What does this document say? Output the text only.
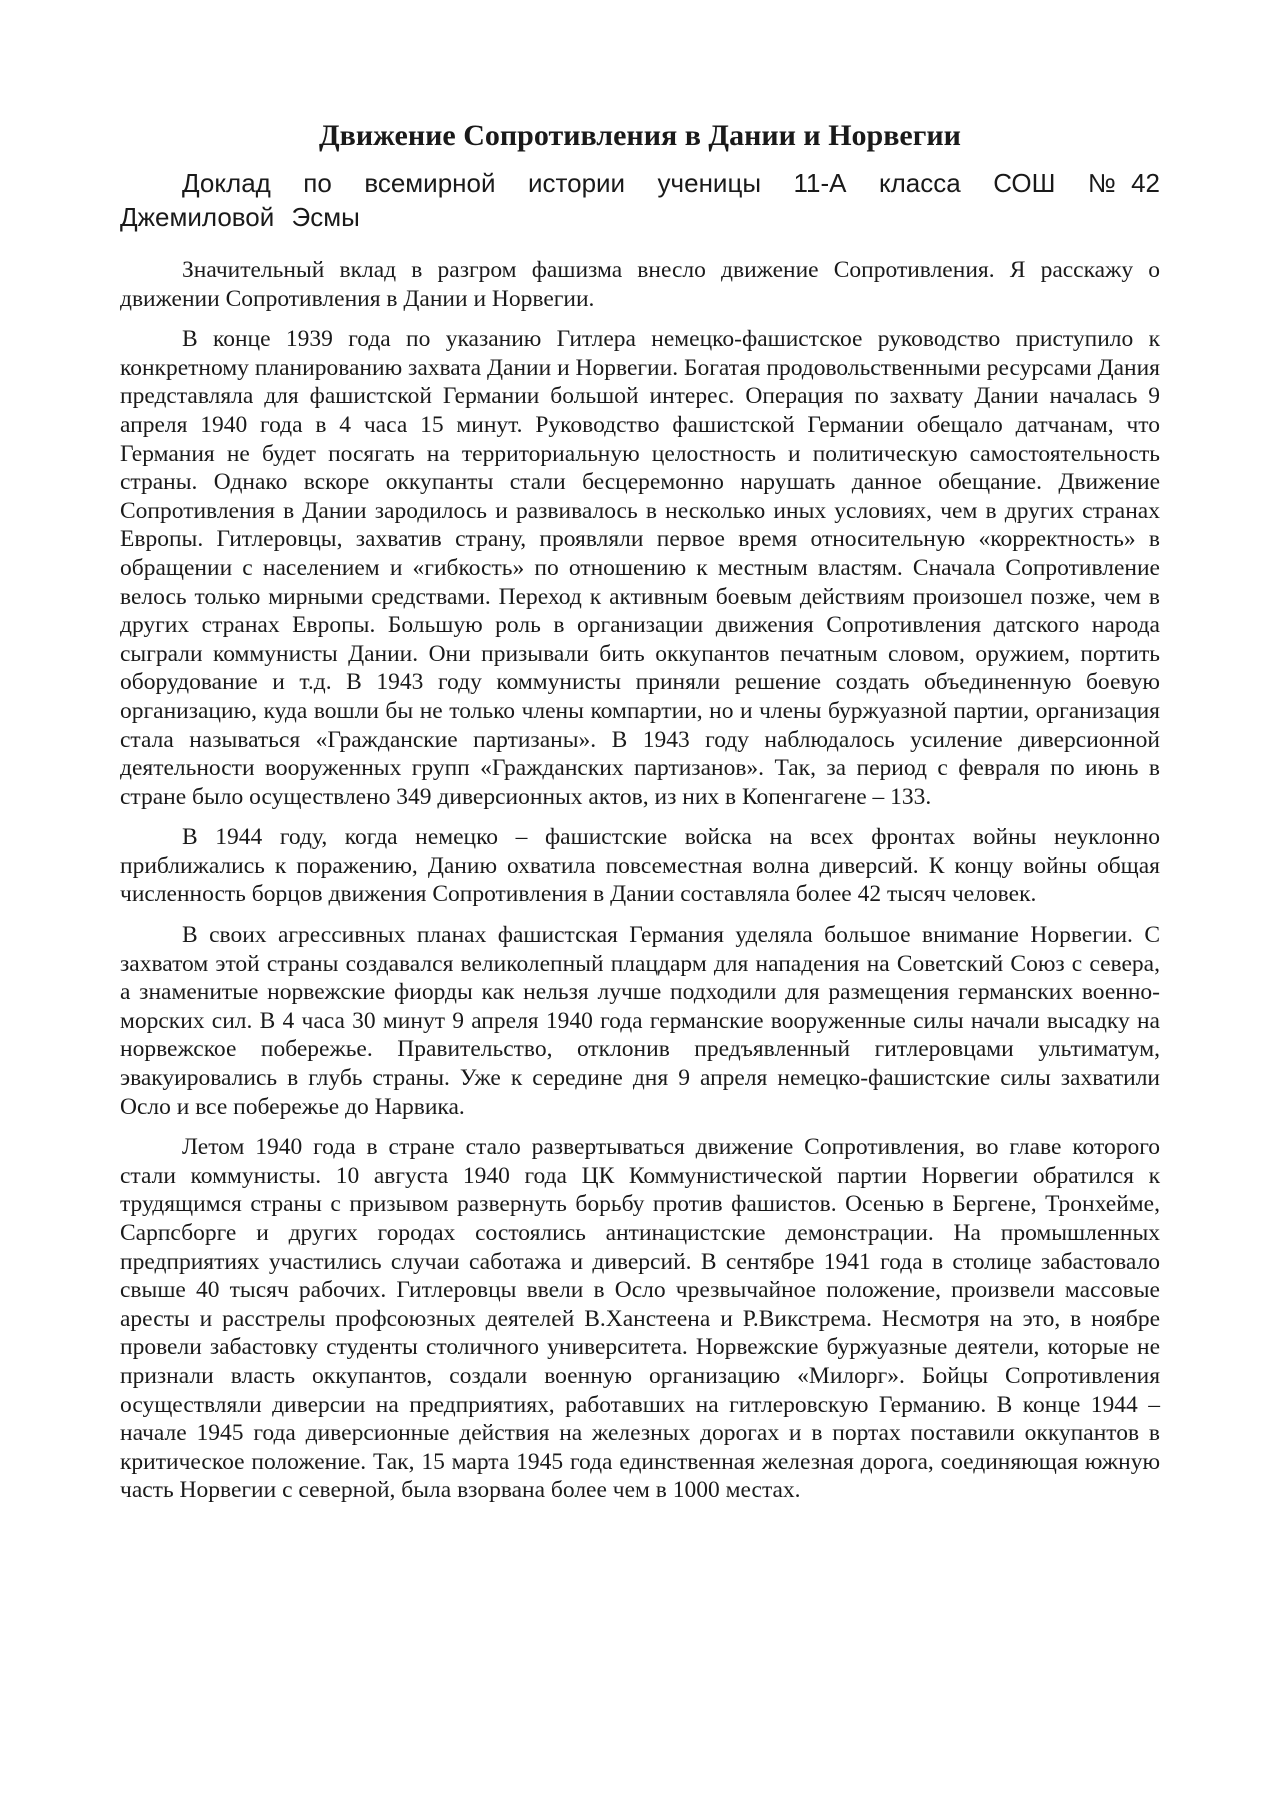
Движение Сопротивления в Дании и Норвегии

Доклад по всемирной истории ученицы 11-А класса СОШ №42 Джемиловой Эсмы

Значительный вклад в разгром фашизма внесло движение Сопротивления. Я расскажу о движении Сопротивления в Дании и Норвегии.

В конце 1939 года по указанию Гитлера немецко-фашистское руководство приступило к конкретному планированию захвата Дании и Норвегии. Богатая продовольственными ресурсами Дания представляла для фашистской Германии большой интерес. Операция по захвату Дании началась 9 апреля 1940 года в 4 часа 15 минут. Руководство фашистской Германии обещало датчанам, что Германия не будет посягать на территориальную целостность и политическую самостоятельность страны. Однако вскоре оккупанты стали бесцеремонно нарушать данное обещание. Движение Сопротивления в Дании зародилось и развивалось в несколько иных условиях, чем в других странах Европы. Гитлеровцы, захватив страну, проявляли первое время относительную «корректность» в обращении с населением и «гибкость» по отношению к местным властям. Сначала Сопротивление велось только мирными средствами. Переход к активным боевым действиям произошел позже, чем в других странах Европы. Большую роль в организации движения Сопротивления датского народа сыграли коммунисты Дании. Они призывали бить оккупантов печатным словом, оружием, портить оборудование и т.д. В 1943 году коммунисты приняли решение создать объединенную боевую организацию, куда вошли бы не только члены компартии, но и члены буржуазной партии, организация стала называться «Гражданские партизаны». В 1943 году наблюдалось усиление диверсионной деятельности вооруженных групп «Гражданских партизанов». Так, за период с февраля по июнь в стране было осуществлено 349 диверсионных актов, из них в Копенгагене – 133.

В 1944 году, когда немецко – фашистские войска на всех фронтах войны неуклонно приближались к поражению, Данию охватила повсеместная волна диверсий. К концу войны общая численность борцов движения Сопротивления в Дании составляла более 42 тысяч человек.

В своих агрессивных планах фашистская Германия уделяла большое внимание Норвегии. С захватом этой страны создавался великолепный плацдарм для нападения на Советский Союз с севера, а знаменитые норвежские фиорды как нельзя лучше подходили для размещения германских военно-морских сил. В 4 часа 30 минут 9 апреля 1940 года германские вооруженные силы начали высадку на норвежское побережье. Правительство, отклонив предъявленный гитлеровцами ультиматум, эвакуировались в глубь страны. Уже к середине дня 9 апреля немецко-фашистские силы захватили Осло и все побережье до Нарвика.

Летом 1940 года в стране стало развертываться движение Сопротивления, во главе которого стали коммунисты. 10 августа 1940 года ЦК Коммунистической партии Норвегии обратился к трудящимся страны с призывом развернуть борьбу против фашистов. Осенью в Бергене, Тронхейме, Сарпсборге и других городах состоялись антинацистские демонстрации. На промышленных предприятиях участились случаи саботажа и диверсий. В сентябре 1941 года в столице забастовало свыше 40 тысяч рабочих. Гитлеровцы ввели в Осло чрезвычайное положение, произвели массовые аресты и расстрелы профсоюзных деятелей В.Ханстеена и Р.Викстрема. Несмотря на это, в ноябре провели забастовку студенты столичного университета. Норвежские буржуазные деятели, которые не признали власть оккупантов, создали военную организацию «Милорг». Бойцы Сопротивления осуществляли диверсии на предприятиях, работавших на гитлеровскую Германию. В конце 1944 – начале 1945 года диверсионные действия на железных дорогах и в портах поставили оккупантов в критическое положение. Так, 15 марта 1945 года единственная железная дорога, соединяющая южную часть Норвегии с северной, была взорвана более чем в 1000 местах.
